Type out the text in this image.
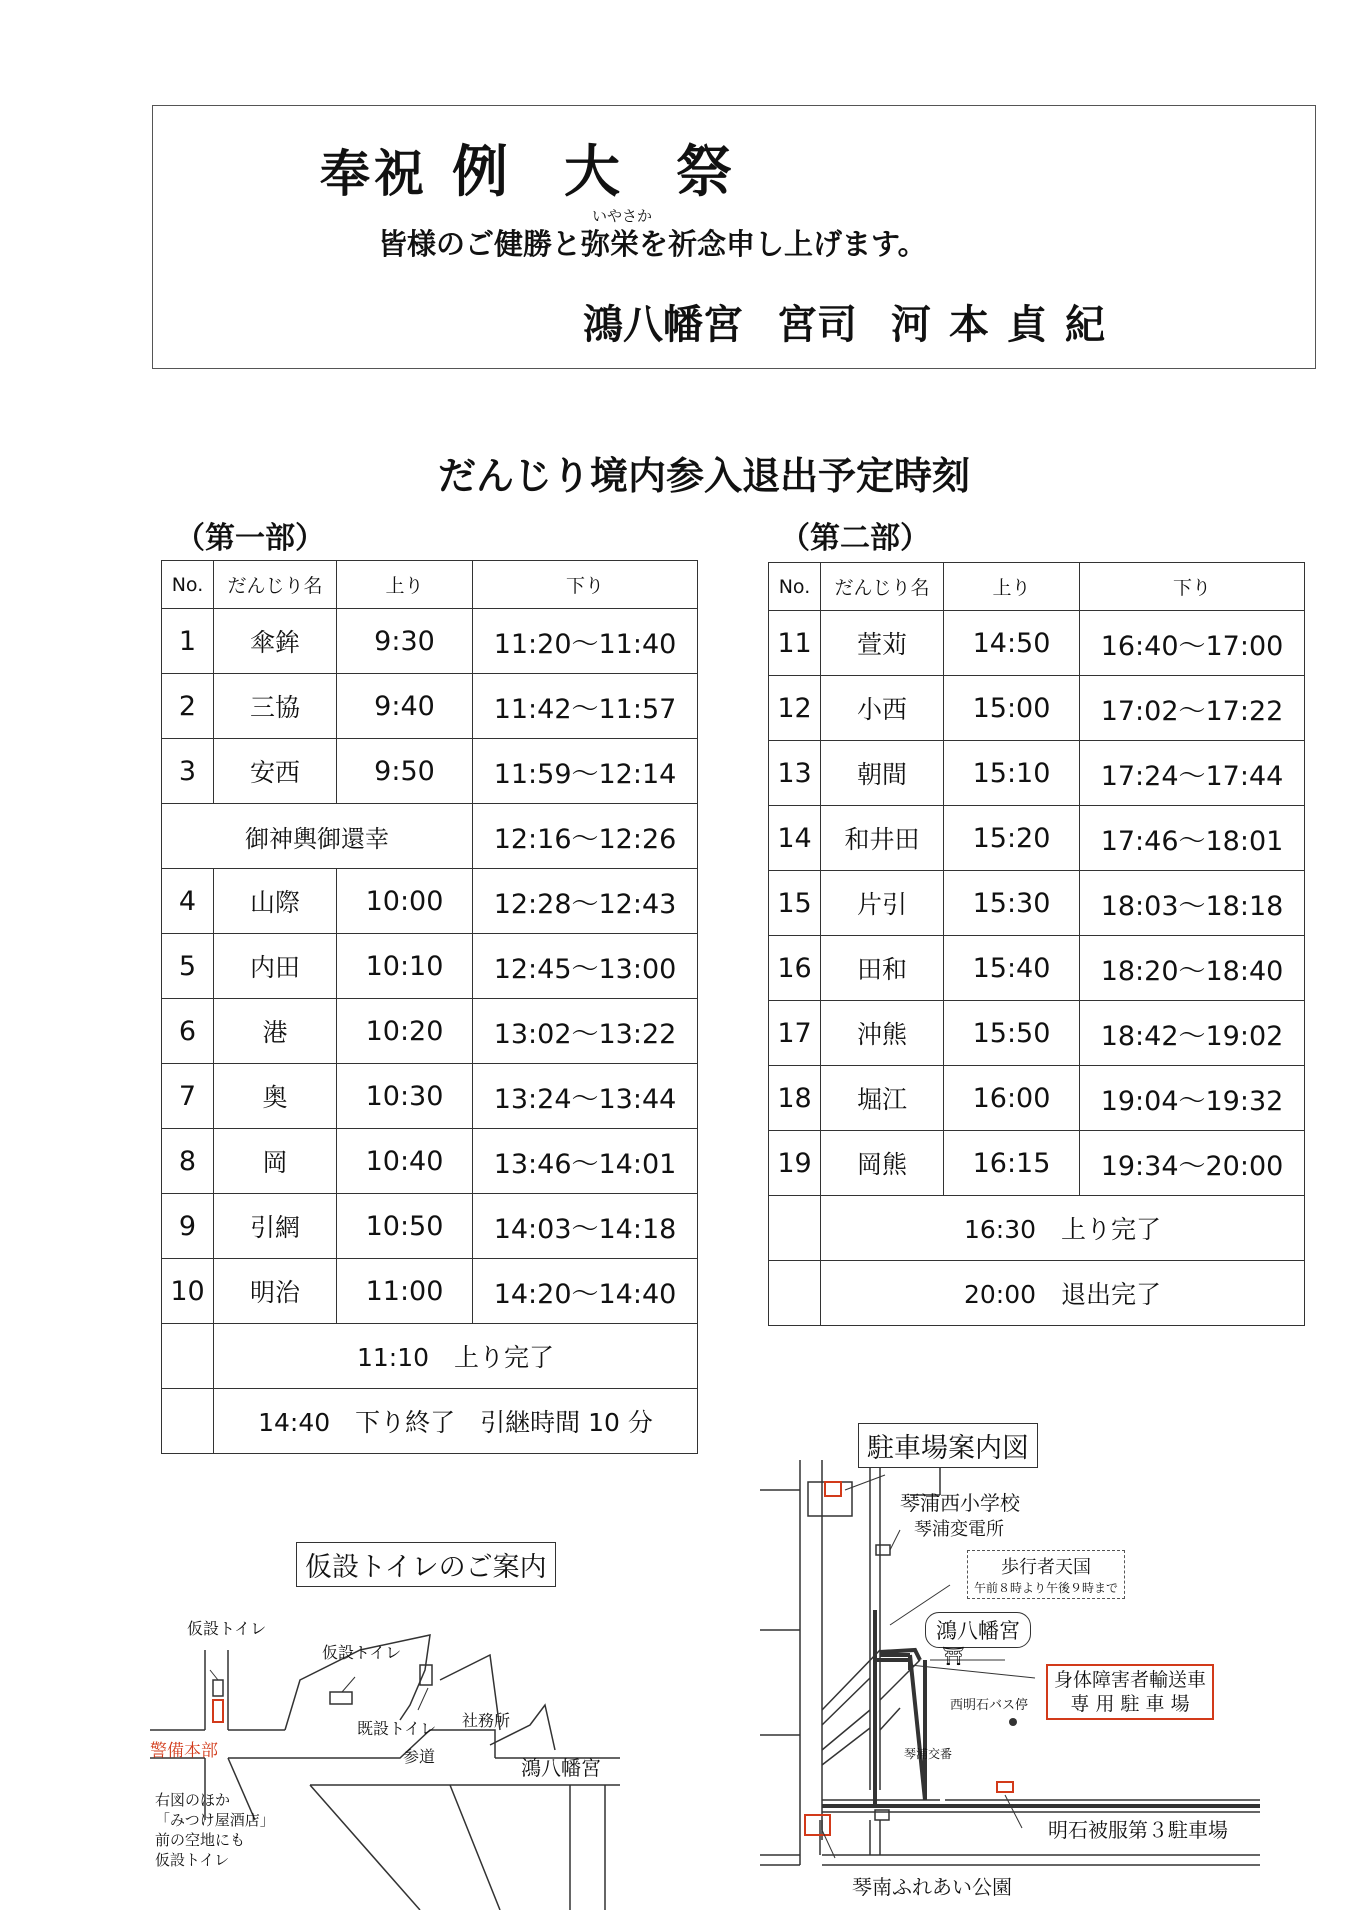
奉祝 例大祭
いやさか
皆様のご健勝と弥栄を祈念申し上げます。
鴻八幡宮 宮司 河本貞紀
だんじり境内参入退出予定時刻
（第一部）	（第二部）
No.	だんじり名	上り	下り
1	傘鉾	9:30	11:20～11:40
2	三協	9:40	11:42～11:57
3	安西	9:50	11:59～12:14
御神輿御還幸			12:16～12:26
4	山際	10:00	12:28～12:43
5	内田	10:10	12:45～13:00
6	港	10:20	13:02～13:22
7	奥	10:30	13:24～13:44
8	岡	10:40	13:46～14:01
9	引網	10:50	14:03～14:18
10	明治	11:00	14:20～14:40
	11:10　上り完了		
	14:40　下り終了　引継時間 10 分		
No.	だんじり名	上り	下り
11	萱苅	14:50	16:40～17:00
12	小西	15:00	17:02～17:22
13	朝間	15:10	17:24～17:44
14	和井田	15:20	17:46～18:01
15	片引	15:30	18:03～18:18
16	田和	15:40	18:20～18:40
17	沖熊	15:50	18:42～19:02
18	堀江	16:00	19:04～19:32
19	岡熊	16:15	19:34～20:00
	16:30　上り完了		
	20:00　退出完了		
駐車場案内図
琴浦西小学校
琴浦変電所
歩行者天国
午前８時より午後９時まで
鴻八幡宮
⛩
西明石バス停
琴浦交番
身体障害者輸送車
専 用 駐 車 場
明石被服第３駐車場
琴南ふれあい公園
仮設トイレのご案内
仮設トイレ
仮設トイレ
既設トイレ 社務所
参道	鴻八幡宮
警備本部
右図のほか
「みつけ屋酒店」
前の空地にも
仮設トイレ
